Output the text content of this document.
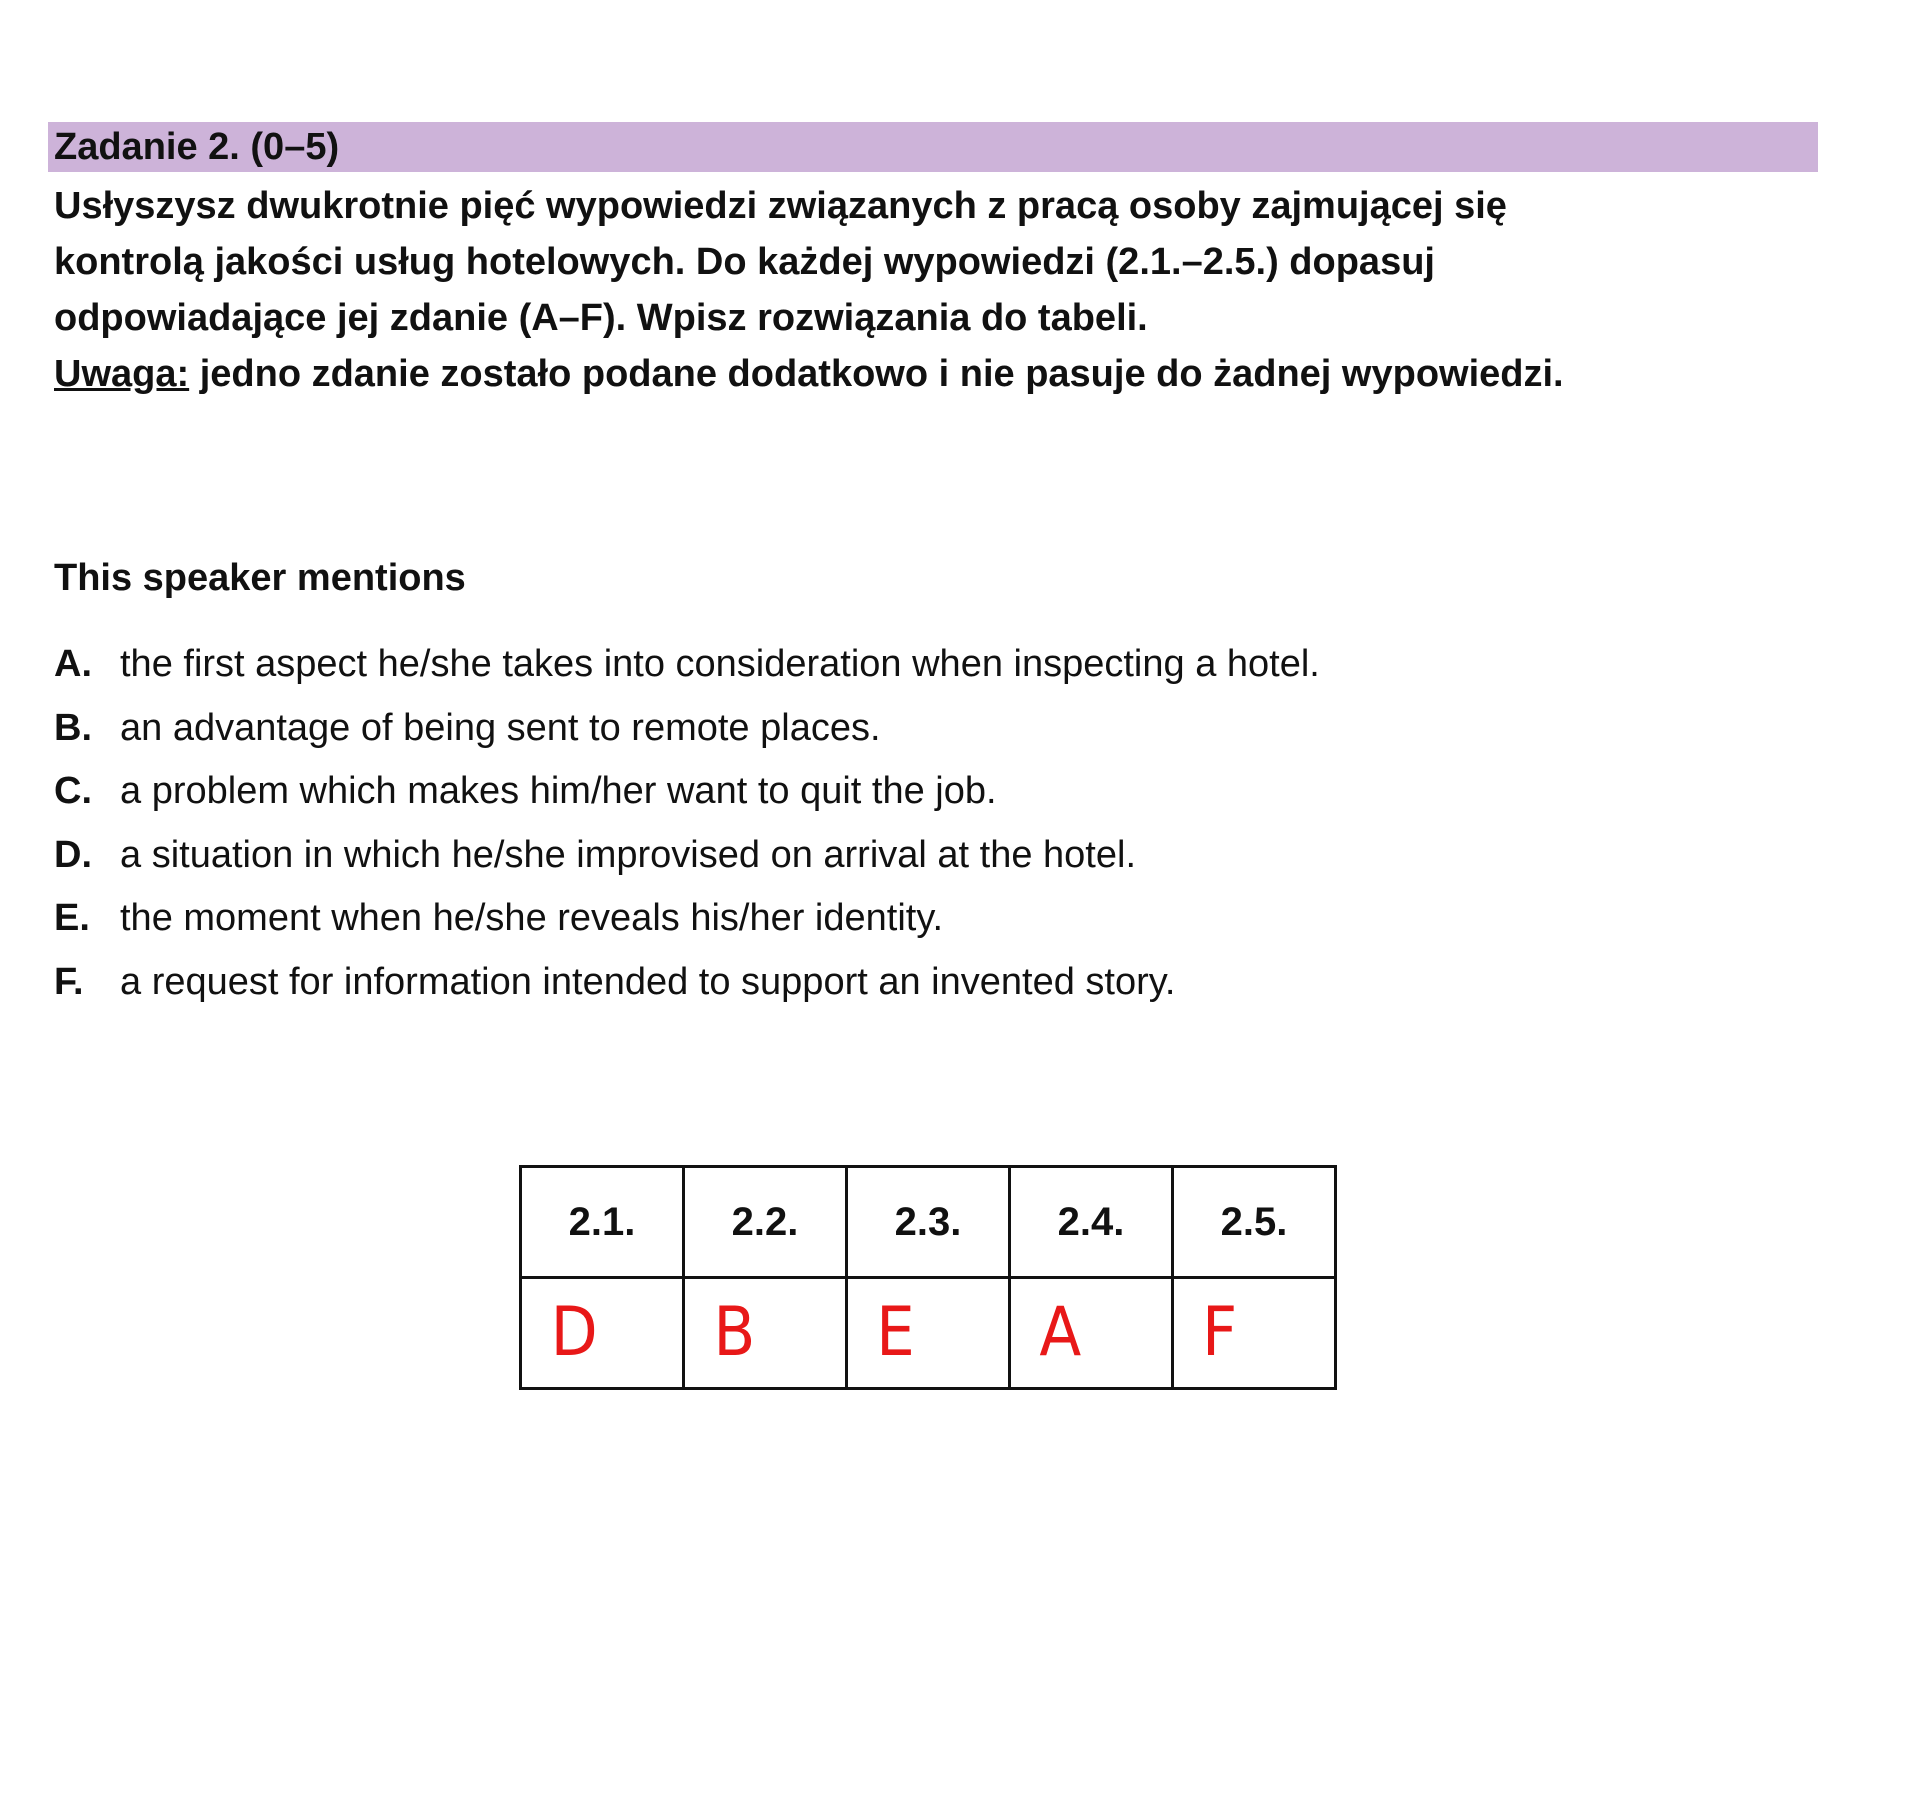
Zadanie 2. (0–5)

Usłyszysz dwukrotnie pięć wypowiedzi związanych z pracą osoby zajmującej się

kontrolą jakości usług hotelowych. Do każdej wypowiedzi (2.1.–2.5.) dopasuj

odpowiadające jej zdanie (A–F). Wpisz rozwiązania do tabeli.

Uwaga: jedno zdanie zostało podane dodatkowo i nie pasuje do żadnej wypowiedzi.

This speaker mentions
A. the first aspect he/she takes into consideration when inspecting a hotel.
B. an advantage of being sent to remote places.
C. a problem which makes him/her want to quit the job.
D. a situation in which he/she improvised on arrival at the hotel.
E. the moment when he/she reveals his/her identity.
F. a request for information intended to support an invented story.
2.1.	2.2.	2.3.	2.4.	2.5.
D	B	E	A	F
